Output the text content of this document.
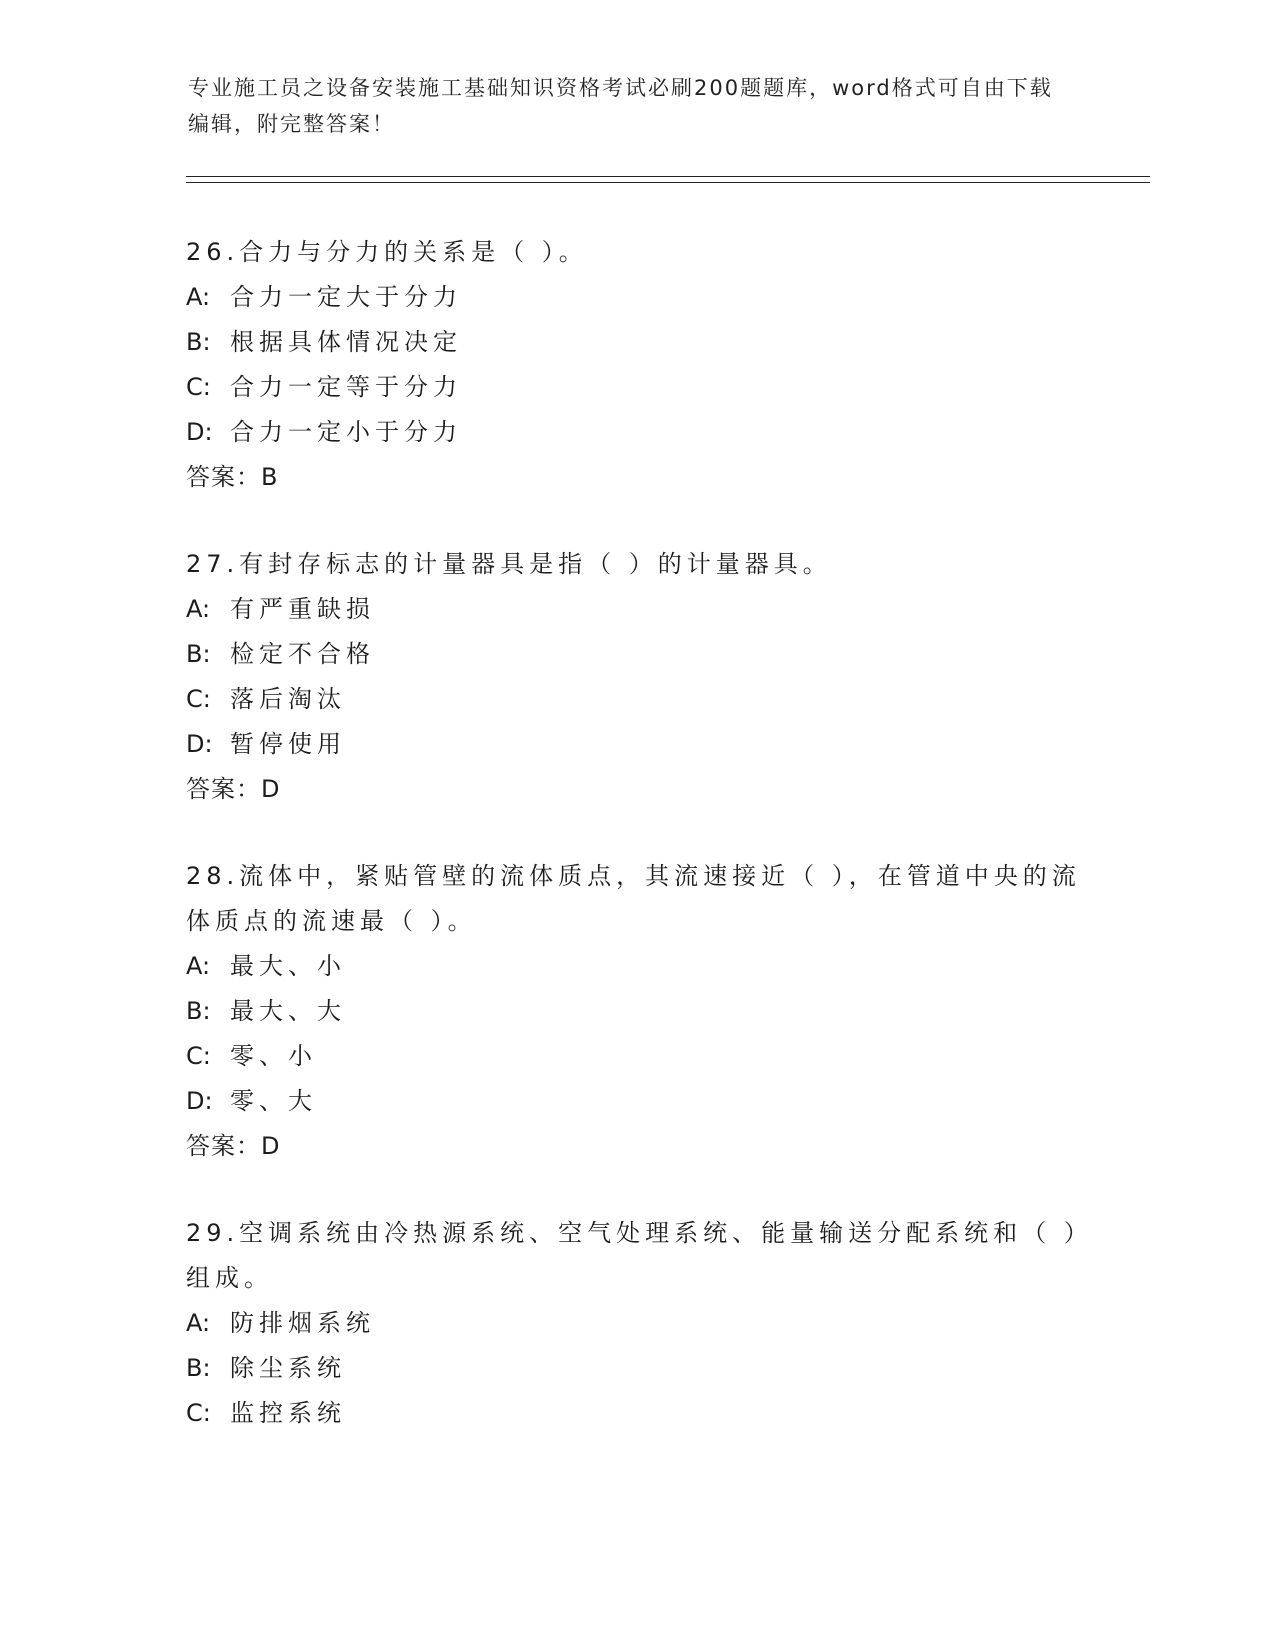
专业施工员之设备安装施工基础知识资格考试必刷200题题库，word格式可自由下载编辑，附完整答案！

26.合力与分力的关系是（ ）。

A: 合力一定大于分力
B: 根据具体情况决定
C: 合力一定等于分力
D: 合力一定小于分力

答案：B

27.有封存标志的计量器具是指（ ）的计量器具。

A: 有严重缺损
B: 检定不合格
C: 落后淘汰
D: 暂停使用

答案：D

28.流体中，紧贴管壁的流体质点，其流速接近（ ），在管道中央的流体质点的流速最（ ）。

A: 最大、小
B: 最大、大
C: 零、小
D: 零、大

答案：D

29.空调系统由冷热源系统、空气处理系统、能量输送分配系统和（ ）组成。

A: 防排烟系统
B: 除尘系统
C: 监控系统
